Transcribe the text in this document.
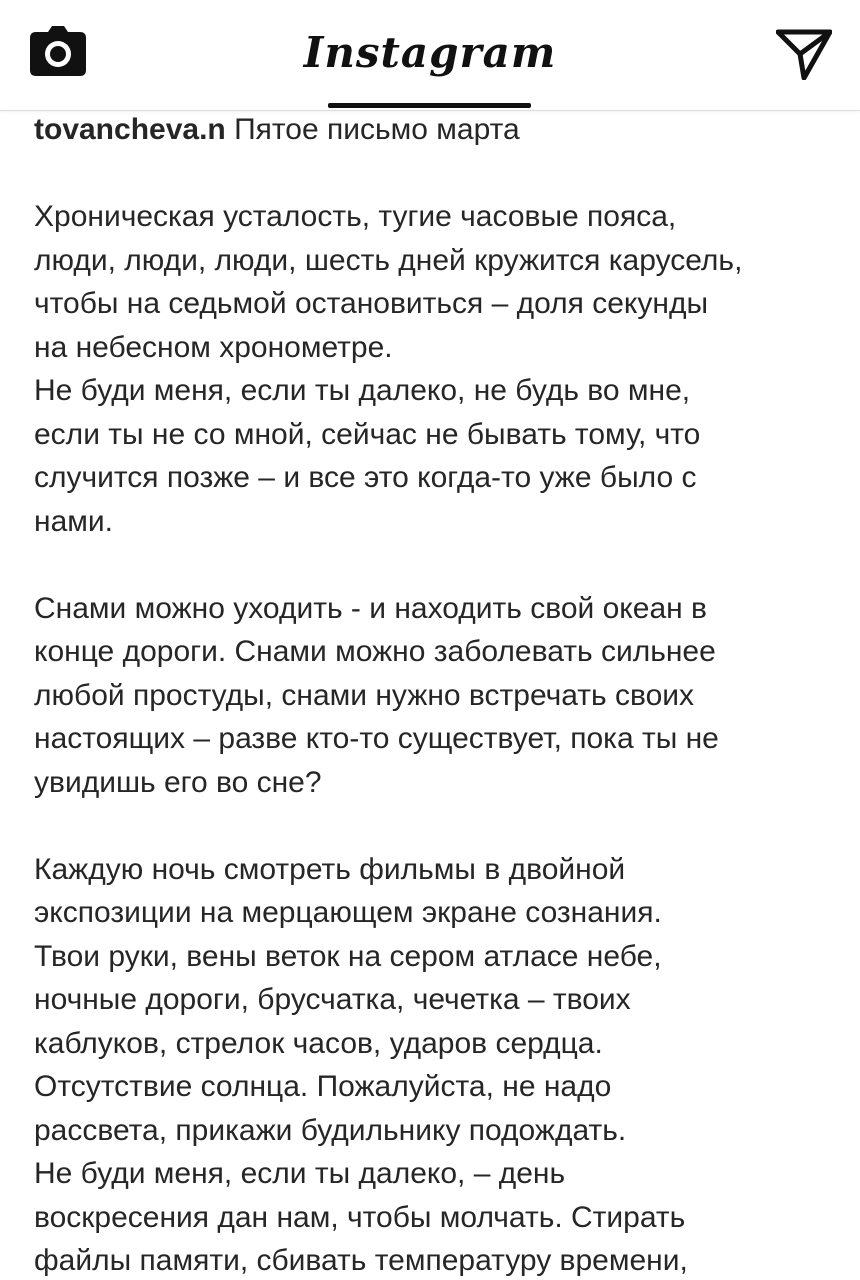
Instagram

tovancheva.n Пятое письмо марта

Хроническая усталость, тугие часовые пояса,
люди, люди, люди, шесть дней кружится карусель,
чтобы на седьмой остановиться – доля секунды
на небесном хронометре.
Не буди меня, если ты далеко, не будь во мне,
если ты не со мной, сейчас не бывать тому, что
случится позже – и все это когда-то уже было с
нами.

Снами можно уходить - и находить свой океан в
конце дороги. Снами можно заболевать сильнее
любой простуды, снами нужно встречать своих
настоящих – разве кто-то существует, пока ты не
увидишь его во сне?

Каждую ночь смотреть фильмы в двойной
экспозиции на мерцающем экране сознания.
Твои руки, вены веток на сером атласе небе,
ночные дороги, брусчатка, чечетка – твоих
каблуков, стрелок часов, ударов сердца.
Отсутствие солнца. Пожалуйста, не надо
рассвета, прикажи будильнику подождать.
Не буди меня, если ты далеко, – день
воскресения дан нам, чтобы молчать. Стирать
файлы памяти, сбивать температуру времени,
